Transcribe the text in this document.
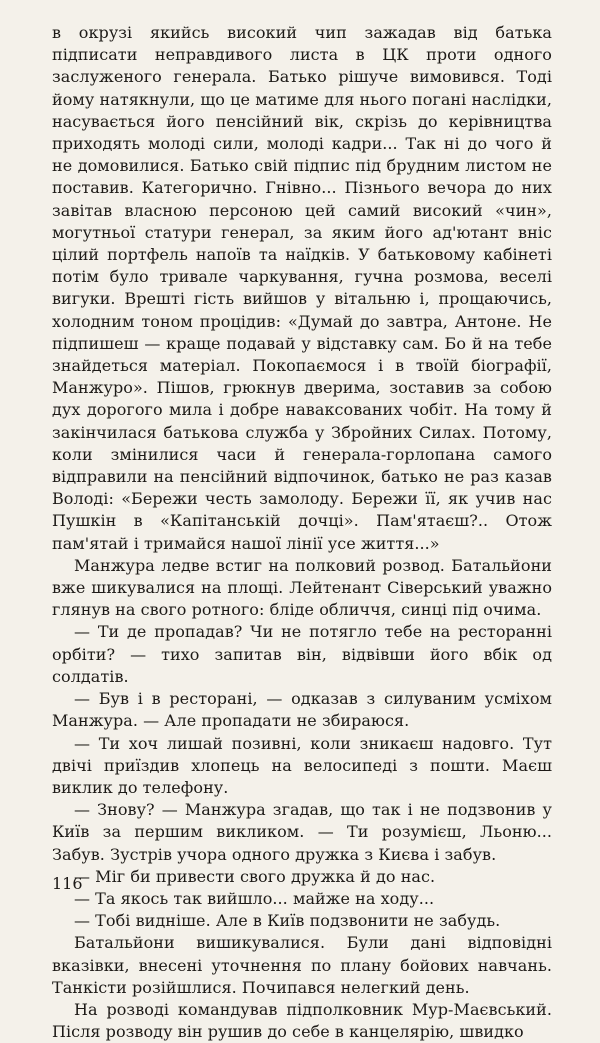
в окрузі якийсь високий чип зажадав від батька підписати неправдивого листа в ЦК проти одного заслуженого генерала. Батько рішуче вимовився. Тоді йому натякнули, що це матиме для нього погані наслідки, насувається його пенсійний вік, скрізь до керівництва приходять молоді сили, молоді кадри... Так ні до чого й не домовилися. Батько свій підпис під брудним листом не поставив. Категорично. Гнівно... Пізнього вечора до них завітав власною персоною цей самий високий «чин», могутньої статури генерал, за яким його ад'ютант вніс цілий портфель напоїв та наїдків. У батьковому кабінеті потім було тривале чаркування, гучна розмова, веселі вигуки. Врешті гість вийшов у вітальню і, прощаючись, холодним тоном процідив: «Думай до завтра, Антоне. Не підпишеш — краще подавай у відставку сам. Бо й на тебе знайдеться матеріал. Покопаємося і в твоїй біографії, Манжуро». Пішов, грюкнув дверима, зоставив за собою дух дорогого мила і добре наваксованих чобіт. На тому й закінчилася батькова служба у Збройних Силах. Потому, коли змінилися часи й генерала-горлопана самого відправили на пенсійний відпочинок, батько не раз казав Володі: «Бережи честь замолоду. Бережи її, як учив нас Пушкін в «Капітанській дочці». Пам'ятаєш?.. Отож пам'ятай і тримайся нашої лінії усе життя...»

Манжура ледве встиг на полковий розвод. Батальйони вже шикувалися на площі. Лейтенант Сіверський уважно глянув на свого ротного: бліде обличчя, синці під очима.

— Ти де пропадав? Чи не потягло тебе на ресторанні орбіти? — тихо запитав він, відвівши його вбік од солдатів.

— Був і в ресторані, — одказав з силуваним усміхом Манжура. — Але пропадати не збираюся.

— Ти хоч лишай позивні, коли зникаєш надовго. Тут двічі приїздив хлопець на велосипеді з пошти. Маєш виклик до телефону.

— Знову? — Манжура згадав, що так і не подзвонив у Київ за першим викликом. — Ти розумієш, Льоню... Забув. Зустрів учора одного дружка з Києва і забув.

— Міг би привести свого дружка й до нас.

— Та якось так вийшло... майже на ходу...

— Тобі видніше. Але в Київ подзвонити не забудь.

Батальйони вишикувалися. Були дані відповідні вказівки, внесені уточнення по плану бойових навчань. Танкісти розійшлися. Почипався нелегкий день.

На розводі командував підполковник Мур-Маєвський. Після розводу він рушив до себе в канцелярію, швидко

116
